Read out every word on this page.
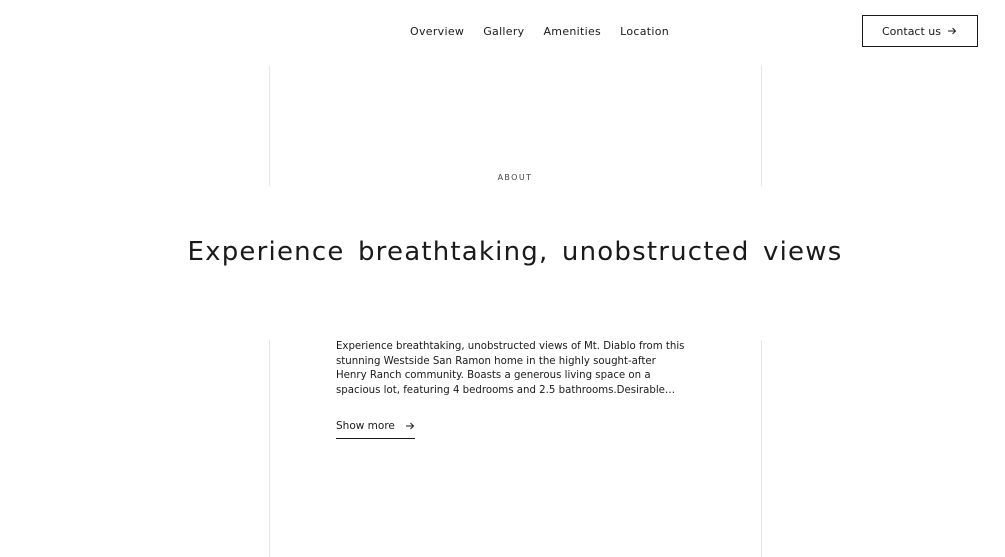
Overview Gallery Amenities Location	Contact us
ABOUT
Experience breathtaking, unobstructed views

Experience breathtaking, unobstructed views of Mt. Diablo from this stunning Westside San Ramon home in the highly sought-after Henry Ranch community. Boasts a generous living space on a spacious lot, featuring 4 bedrooms and 2.5 bathrooms.Desirable

Show more
